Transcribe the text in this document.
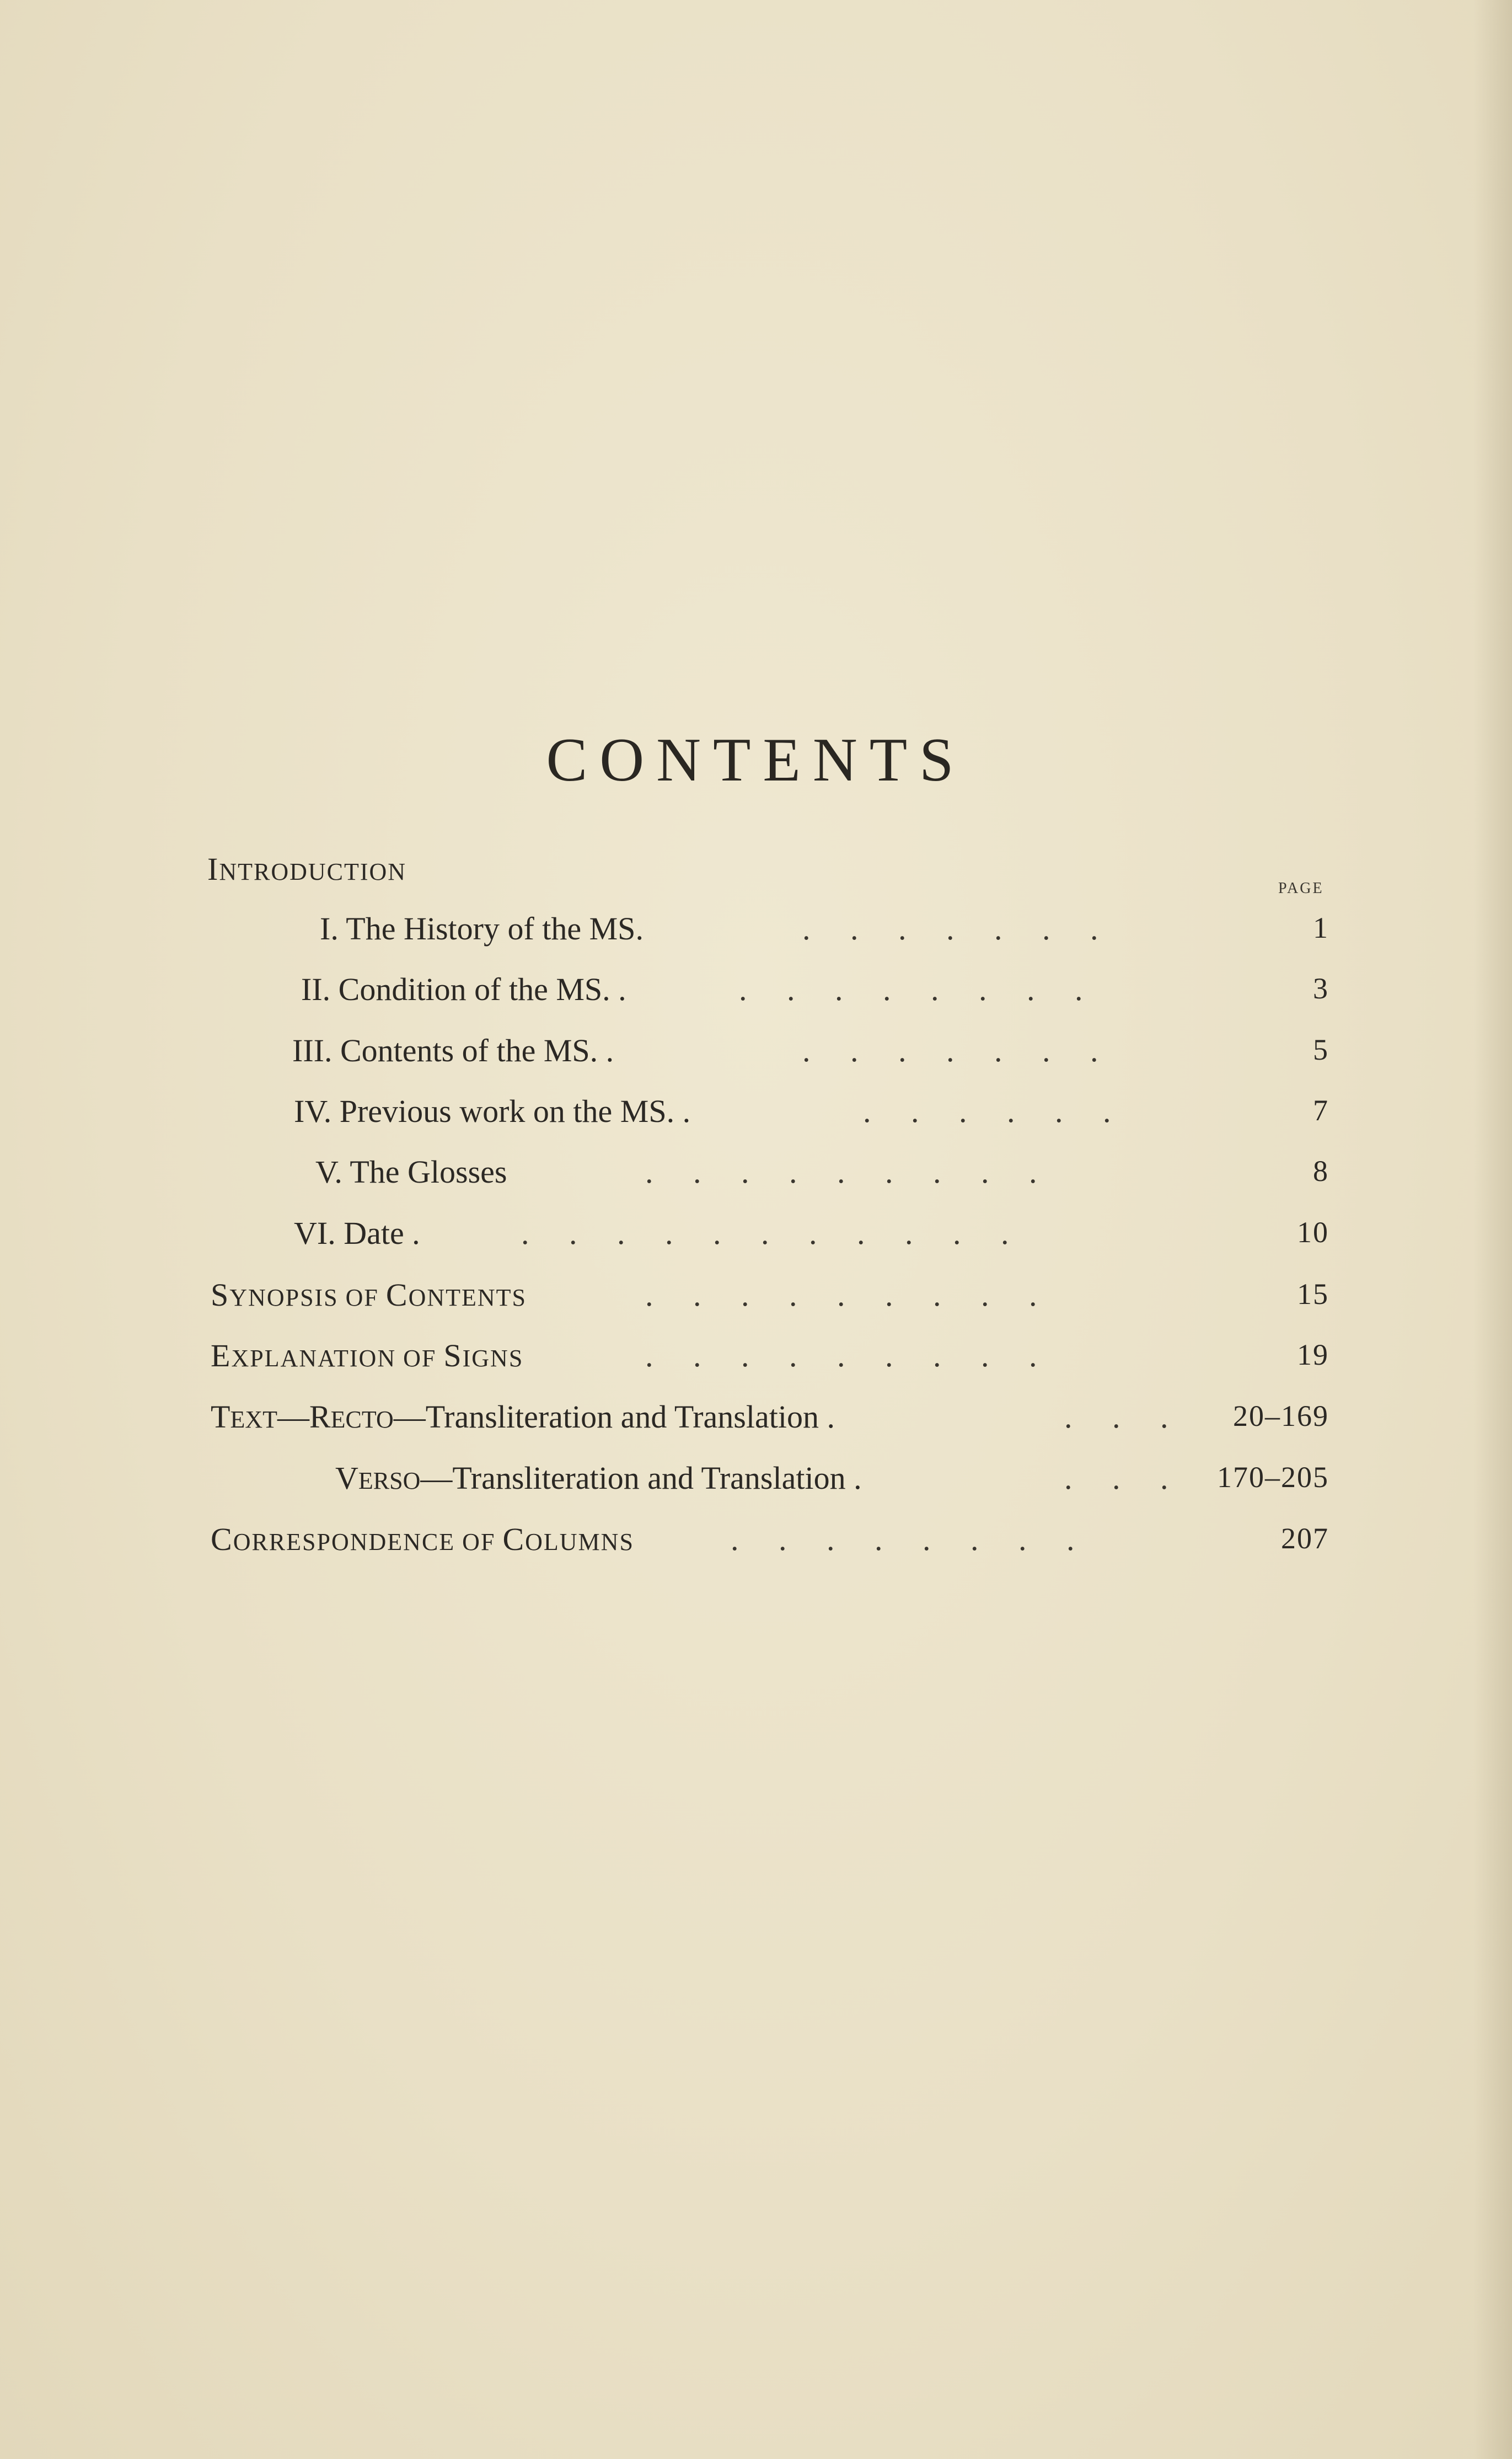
CONTENTS
INTRODUCTION
PAGE
I. The History of the MS.	.     .     .     .     .     .     .	1
II. Condition of the MS. .	.     .     .     .     .     .     .     .	3
III. Contents of the MS. .	.     .     .     .     .     .     .	5
IV. Previous work on the MS. .	.     .     .     .     .     .	7
V. The Glosses	.     .     .     .     .     .     .     .     .	8
VI. Date .	.     .     .     .     .     .     .     .     .     .     .	10
SYNOPSIS OF CONTENTS	.     .     .     .     .     .     .     .     .	15
EXPLANATION OF SIGNS	.     .     .     .     .     .     .     .     .	19
TEXT—RECTO—Transliteration and Translation .	.     .     .	20–169
VERSO—Transliteration and Translation .	.     .     .	170–205
CORRESPONDENCE OF COLUMNS	.     .     .     .     .     .     .     .	207
